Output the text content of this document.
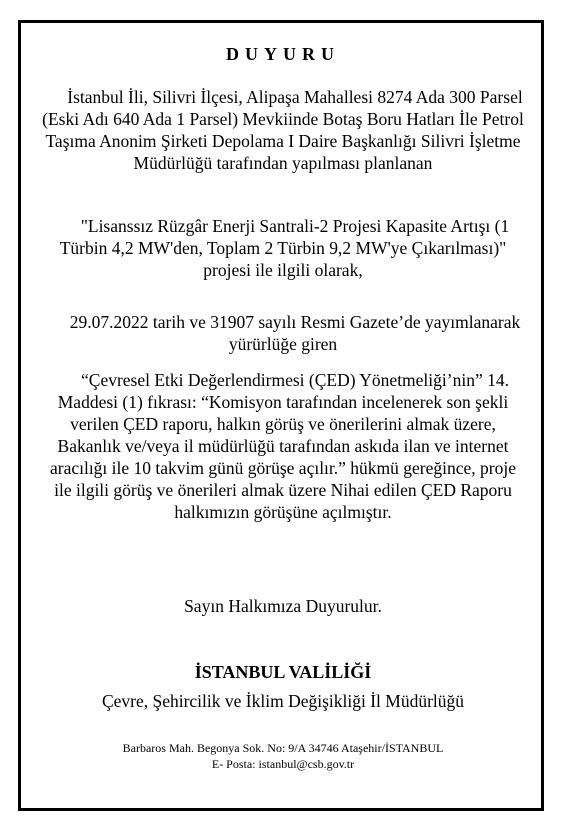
DUYURU

İstanbul İli, Silivri İlçesi, Alipaşa Mahallesi 8274 Ada 300 Parsel (Eski Adı 640 Ada 1 Parsel) Mevkiinde Botaş Boru Hatları İle Petrol Taşıma Anonim Şirketi Depolama I Daire Başkanlığı Silivri İşletme Müdürlüğü tarafından yapılması planlanan

"Lisanssız Rüzgâr Enerji Santrali-2 Projesi Kapasite Artışı (1 Türbin 4,2 MW'den, Toplam 2 Türbin 9,2 MW'ye Çıkarılması)" projesi ile ilgili olarak,

29.07.2022 tarih ve 31907 sayılı Resmi Gazete’de yayımlanarak yürürlüğe giren

“Çevresel Etki Değerlendirmesi (ÇED) Yönetmeliği’nin” 14. Maddesi (1) fıkrası: “Komisyon tarafından incelenerek son şekli verilen ÇED raporu, halkın görüş ve önerilerini almak üzere, Bakanlık ve/veya il müdürlüğü tarafından askıda ilan ve internet aracılığı ile 10 takvim günü görüşe açılır.” hükmü gereğince, proje ile ilgili görüş ve önerileri almak üzere Nihai edilen ÇED Raporu halkımızın görüşüne açılmıştır.

Sayın Halkımıza Duyurulur.

İSTANBUL VALİLİĞİ
Çevre, Şehircilik ve İklim Değişikliği İl Müdürlüğü
Barbaros Mah. Begonya Sok. No: 9/A 34746 Ataşehir/İSTANBUL
E- Posta: istanbul@csb.gov.tr
